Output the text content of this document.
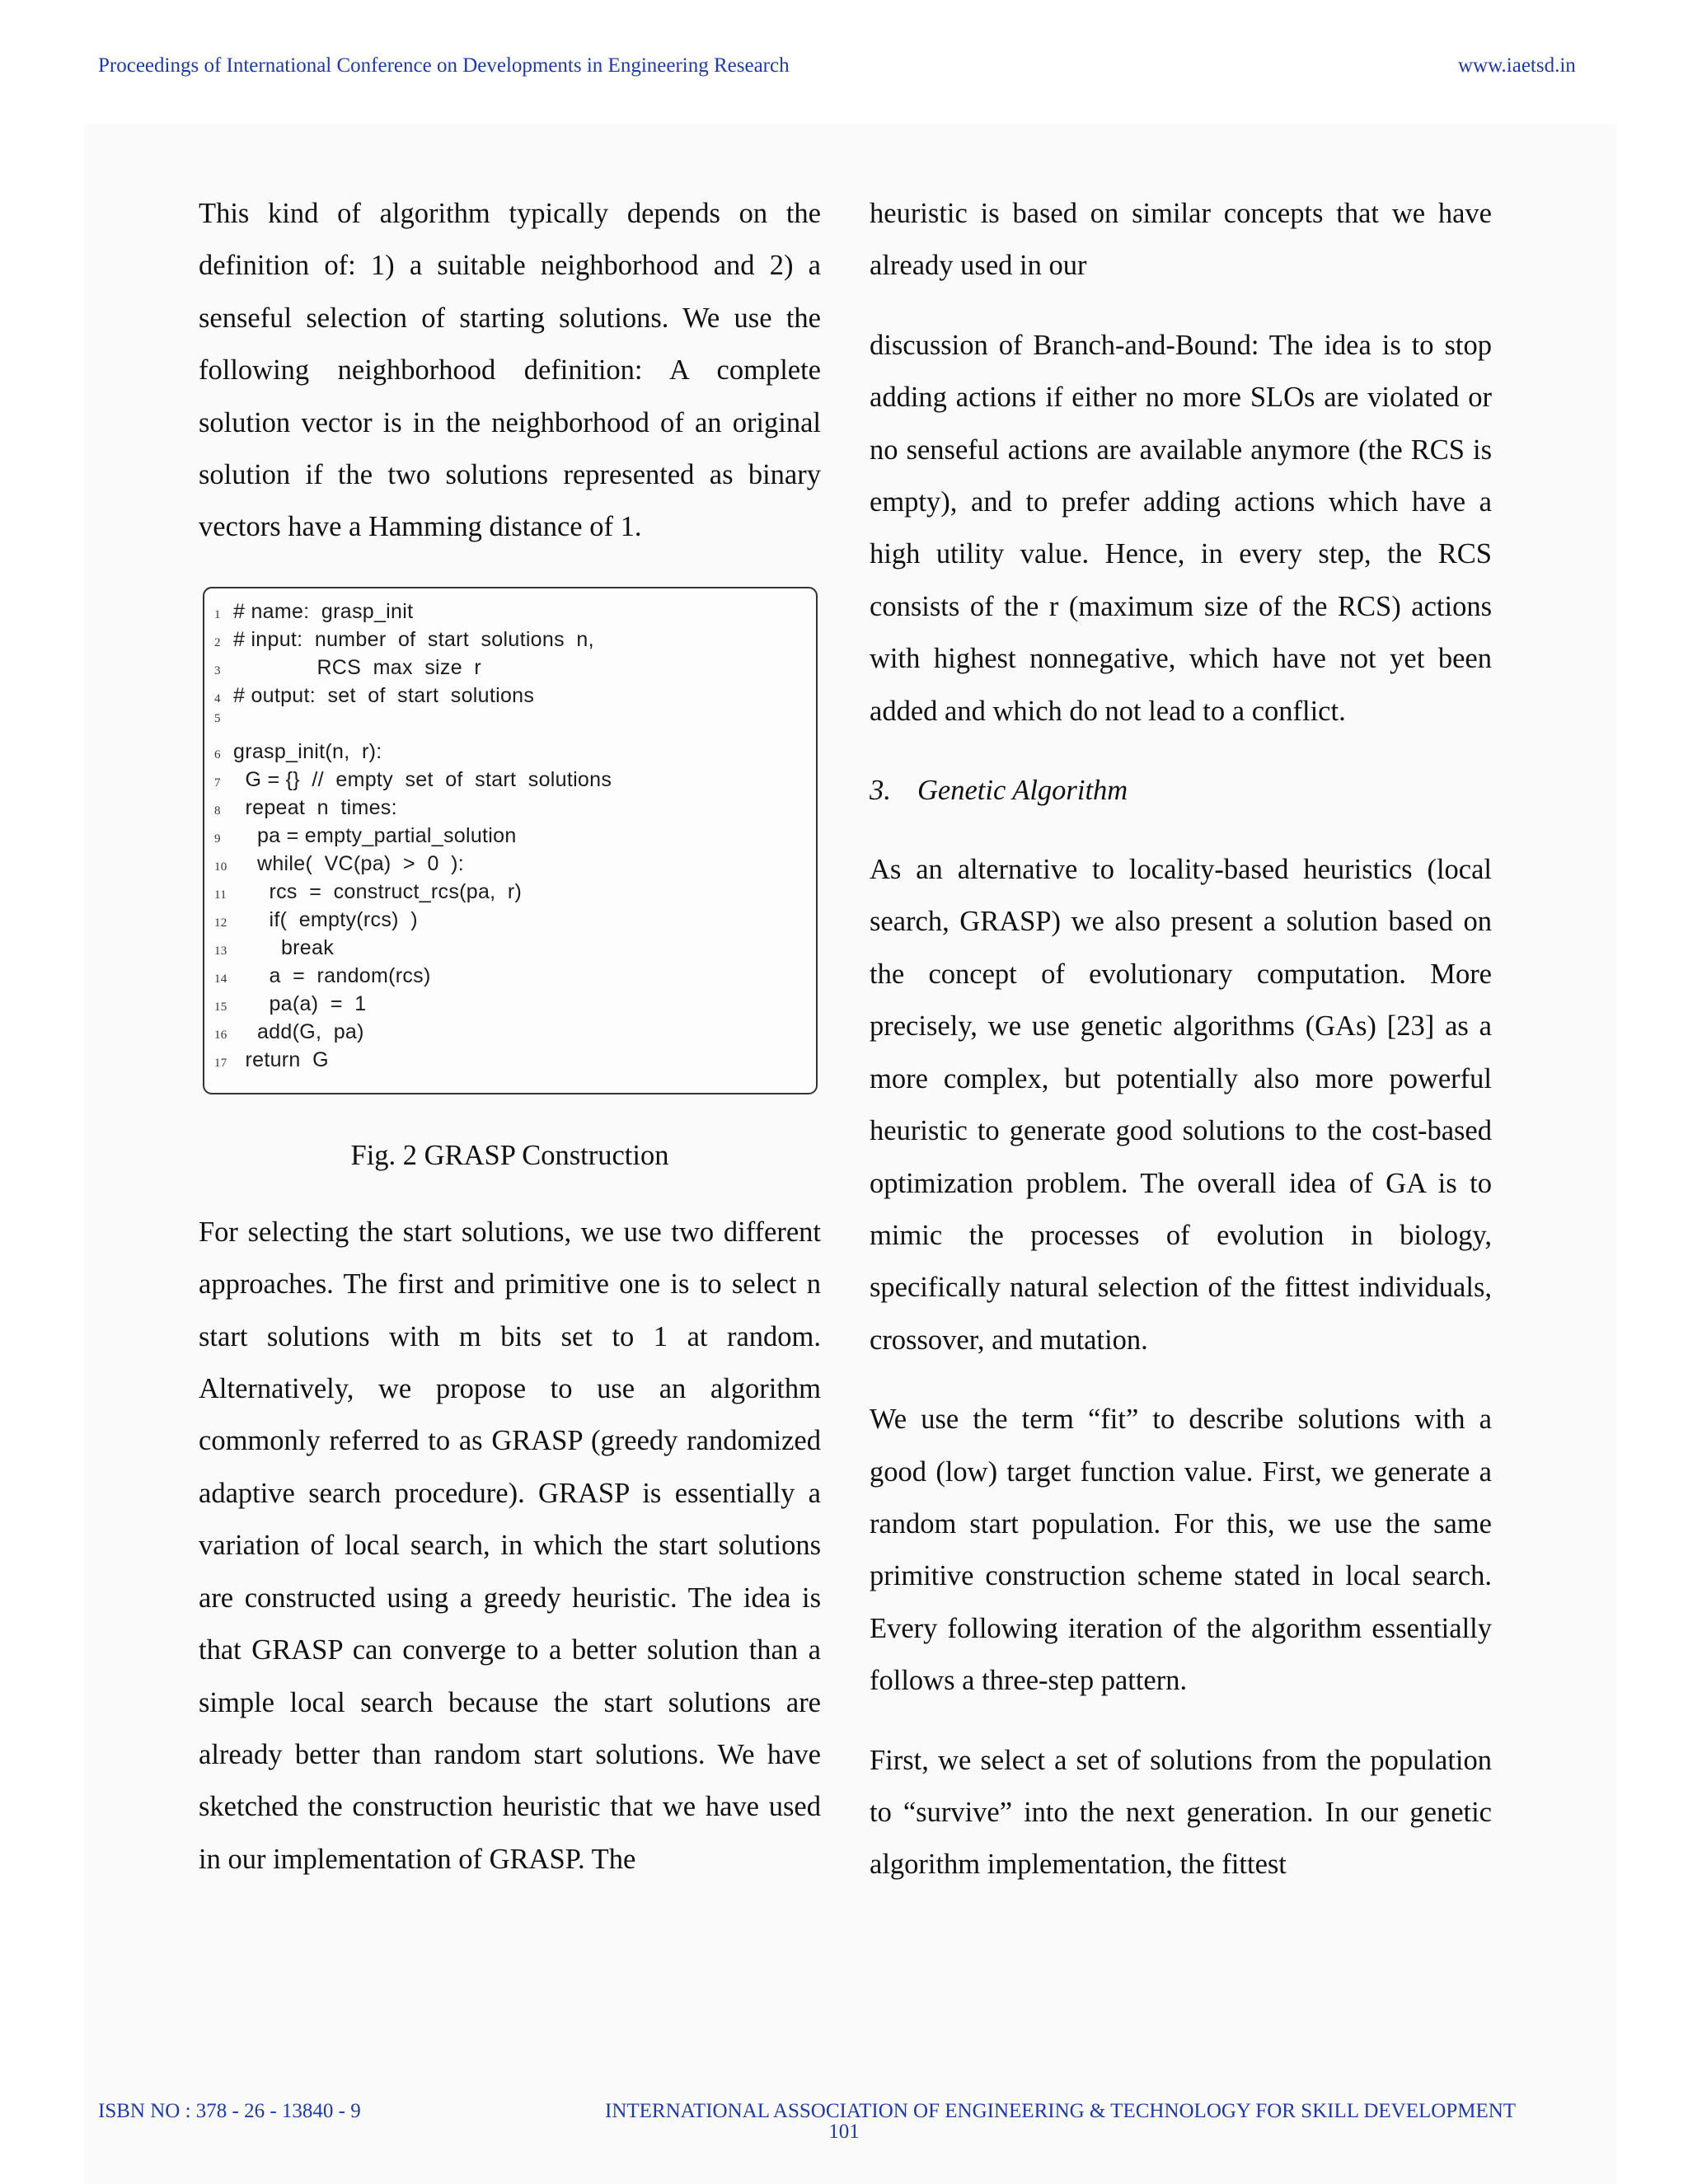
Proceedings of International Conference on Developments in Engineering Research	www.iaetsd.in

This kind of algorithm typically depends on the definition of: 1) a suitable neighborhood and 2) a senseful selection of starting solutions. We use the following neighborhood definition: A complete solution vector is in the neighborhood of an original solution if the two solutions represented as binary vectors have a Hamming distance of 1.

1 # name:  grasp_init
2 # input:  number  of  start  solutions  n,
3 RCS  max  size  r
4 # output:  set  of  start  solutions
5
6 grasp_init(n,  r):
7 G = {}  //  empty  set  of  start  solutions
8 repeat  n  times:
9 pa = empty_partial_solution
10 while(  VC(pa)  >  0  ):
11 rcs  =  construct_rcs(pa,  r)
12 if(  empty(rcs)  )
13 break
14 a  =  random(rcs)
15 pa(a)  =  1
16 add(G,  pa)
17 return  G
Fig. 2 GRASP Construction

For selecting the start solutions, we use two different approaches. The first and primitive one is to select n start solutions with m bits set to 1 at random. Alternatively, we propose to use an algorithm commonly referred to as GRASP (greedy randomized adaptive search procedure). GRASP is essentially a variation of local search, in which the start solutions are constructed using a greedy heuristic. The idea is that GRASP can converge to a better solution than a simple local search because the start solutions are already better than random start solutions. We have sketched the construction heuristic that we have used in our implementation of GRASP. The

heuristic is based on similar concepts that we have already used in our

discussion of Branch-and-Bound: The idea is to stop adding actions if either no more SLOs are violated or no senseful actions are available anymore (the RCS is empty), and to prefer adding actions which have a high utility value. Hence, in every step, the RCS consists of the r (maximum size of the RCS) actions with highest nonnegative, which have not yet been added and which do not lead to a conflict.

3. Genetic Algorithm

As an alternative to locality-based heuristics (local search, GRASP) we also present a solution based on the concept of evolutionary computation. More precisely, we use genetic algorithms (GAs) [23] as a more complex, but potentially also more powerful heuristic to generate good solutions to the cost-based optimization problem. The overall idea of GA is to mimic the processes of evolution in biology, specifically natural selection of the fittest individuals, crossover, and mutation.

We use the term “fit” to describe solutions with a good (low) target function value. First, we generate a random start population. For this, we use the same primitive construction scheme stated in local search. Every following iteration of the algorithm essentially follows a three-step pattern.

First, we select a set of solutions from the population to “survive” into the next generation. In our genetic algorithm implementation, the fittest

ISBN NO : 378 - 26 - 13840 - 9	INTERNATIONAL ASSOCIATION OF ENGINEERING & TECHNOLOGY FOR SKILL DEVELOPMENT
101
